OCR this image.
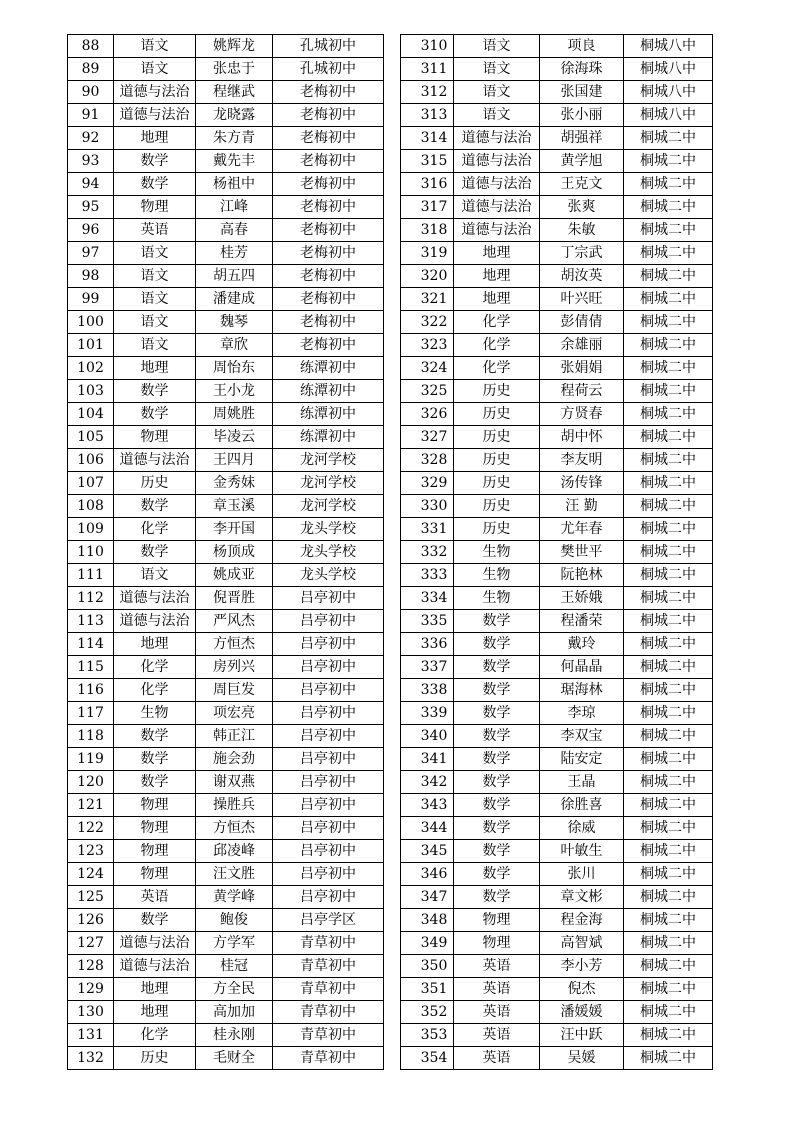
88	语文	姚辉龙	孔城初中
89	语文	张忠于	孔城初中
90	道德与法治	程继武	老梅初中
91	道德与法治	龙晓露	老梅初中
92	地理	朱方青	老梅初中
93	数学	戴先丰	老梅初中
94	数学	杨祖中	老梅初中
95	物理	江峰	老梅初中
96	英语	高春	老梅初中
97	语文	桂芳	老梅初中
98	语文	胡五四	老梅初中
99	语文	潘建成	老梅初中
100	语文	魏琴	老梅初中
101	语文	章欣	老梅初中
102	地理	周怡东	练潭初中
103	数学	王小龙	练潭初中
104	数学	周姚胜	练潭初中
105	物理	毕凌云	练潭初中
106	道德与法治	王四月	龙河学校
107	历史	金秀妹	龙河学校
108	数学	章玉溪	龙河学校
109	化学	李开国	龙头学校
110	数学	杨顶成	龙头学校
111	语文	姚成亚	龙头学校
112	道德与法治	倪晋胜	吕亭初中
113	道德与法治	严风杰	吕亭初中
114	地理	方恒杰	吕亭初中
115	化学	房列兴	吕亭初中
116	化学	周巨发	吕亭初中
117	生物	项宏亮	吕亭初中
118	数学	韩正江	吕亭初中
119	数学	施会劲	吕亭初中
120	数学	谢双燕	吕亭初中
121	物理	操胜兵	吕亭初中
122	物理	方恒杰	吕亭初中
123	物理	邱凌峰	吕亭初中
124	物理	汪文胜	吕亭初中
125	英语	黄学峰	吕亭初中
126	数学	鲍俊	吕亭学区
127	道德与法治	方学军	青草初中
128	道德与法治	桂冠	青草初中
129	地理	方全民	青草初中
130	地理	高加加	青草初中
131	化学	桂永刚	青草初中
132	历史	毛财全	青草初中
310	语文	项良	桐城八中
311	语文	徐海珠	桐城八中
312	语文	张国建	桐城八中
313	语文	张小丽	桐城八中
314	道德与法治	胡强祥	桐城二中
315	道德与法治	黄学旭	桐城二中
316	道德与法治	王克文	桐城二中
317	道德与法治	张爽	桐城二中
318	道德与法治	朱敏	桐城二中
319	地理	丁宗武	桐城二中
320	地理	胡汝英	桐城二中
321	地理	叶兴旺	桐城二中
322	化学	彭倩倩	桐城二中
323	化学	余雄丽	桐城二中
324	化学	张娟娟	桐城二中
325	历史	程荷云	桐城二中
326	历史	方贤春	桐城二中
327	历史	胡中怀	桐城二中
328	历史	李友明	桐城二中
329	历史	汤传锋	桐城二中
330	历史	汪 勤	桐城二中
331	历史	尤年春	桐城二中
332	生物	樊世平	桐城二中
333	生物	阮艳林	桐城二中
334	生物	王娇娥	桐城二中
335	数学	程潘荣	桐城二中
336	数学	戴玲	桐城二中
337	数学	何晶晶	桐城二中
338	数学	琚海林	桐城二中
339	数学	李琼	桐城二中
340	数学	李双宝	桐城二中
341	数学	陆安定	桐城二中
342	数学	王晶	桐城二中
343	数学	徐胜喜	桐城二中
344	数学	徐威	桐城二中
345	数学	叶敏生	桐城二中
346	数学	张川	桐城二中
347	数学	章文彬	桐城二中
348	物理	程金海	桐城二中
349	物理	高智斌	桐城二中
350	英语	李小芳	桐城二中
351	英语	倪杰	桐城二中
352	英语	潘媛媛	桐城二中
353	英语	汪中跃	桐城二中
354	英语	吴媛	桐城二中
